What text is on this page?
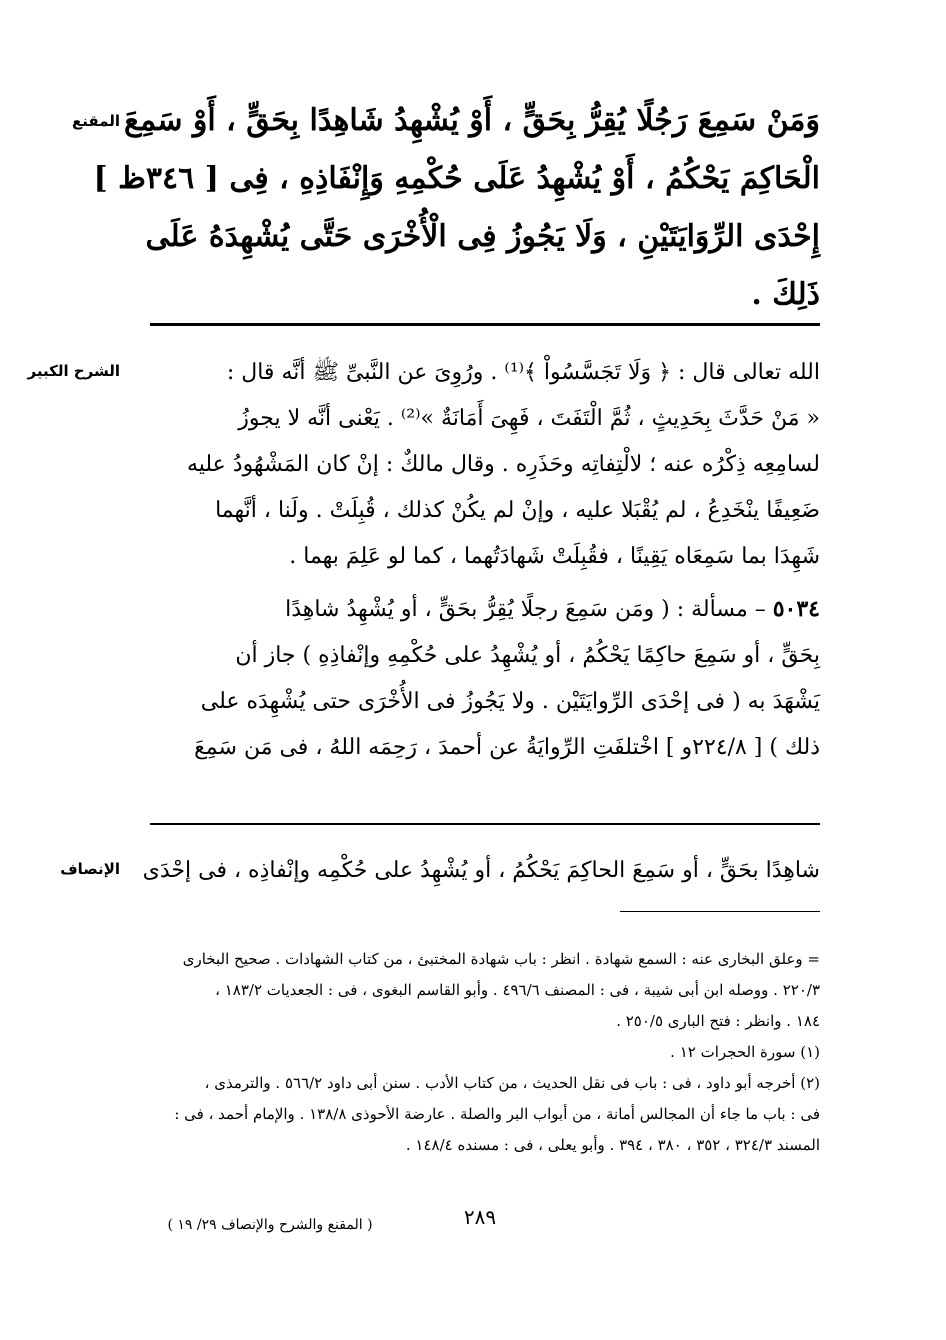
المقنع
الشرح الكبير
الإنصاف
وَمَنْ سَمِعَ رَجُلًا يُقِرُّ بِحَقٍّ ، أَوْ يُشْهِدُ شَاهِدًا بِحَقٍّ ، أَوْ سَمِعَ
الْحَاكِمَ يَحْكُمُ ، أَوْ يُشْهِدُ عَلَى حُكْمِهِ وَإِنْفَاذِهِ ، فِى [ ٣٤٦ظ ]
إِحْدَى الرِّوَايَتَيْنِ ، وَلَا يَجُوزُ فِى الْأُخْرَى حَتَّى يُشْهِدَهُ عَلَى
ذَلِكَ .
الله تعالى قال : ﴿ وَلَا تَجَسَّسُواْ ﴾⁽¹⁾ . ورُوِىَ عن النَّبىِّ ﷺ أنَّه قال :
« مَنْ حَدَّثَ بِحَدِيثٍ ، ثُمَّ الْتَفَتَ ، فَهِىَ أَمَانَةٌ »⁽²⁾ . يَعْنى أنَّه لا يجوزُ
لسامِعِه ذِكْرُه عنه ؛ لالْتِفاتِه وحَذَرِه . وقال مالكٌ : إنْ كان المَشْهُودُ عليه
ضَعِيفًا ينْخَدِعُ ، لم يُقْبَلا عليه ، وإنْ لم يكُنْ كذلك ، قُبِلَتْ . ولَنا ، أنَّهما
شَهِدَا بما سَمِعَاه يَقِينًا ، فقُبِلَتْ شَهادَتُهما ، كما لو عَلِمَ بهما .
٥٠٣٤ – مسألة : ( ومَن سَمِعَ رجلًا يُقِرُّ بحَقٍّ ، أو يُشْهِدُ شاهِدًا
بِحَقٍّ ، أو سَمِعَ حاكِمًا يَحْكُمُ ، أو يُشْهِدُ على حُكْمِهِ وإنْفاذِهِ ) جاز أن
يَشْهَدَ به ( فى إحْدَى الرِّوايَتَيْن . ولا يَجُوزُ فى الأُخْرَى حتى يُشْهِدَه على
ذلك ) [ ٢٢٤/٨و ] اخْتلفَتِ الرِّوايَةُ عن أحمدَ ، رَحِمَه اللهُ ، فى مَن سَمِعَ
شاهِدًا بحَقٍّ ، أو سَمِعَ الحاكِمَ يَحْكُمُ ، أو يُشْهِدُ على حُكْمِه وإنْفاذِه ، فى إحْدَى
= وعلق البخارى عنه : السمع شهادة . انظر : باب شهادة المختبئ ، من كتاب الشهادات . صحيح البخارى
٢٢٠/٣ . ووصله ابن أبى شيبة ، فى : المصنف ٤٩٦/٦ . وأبو القاسم البغوى ، فى : الجعديات ١٨٣/٢ ،
١٨٤ . وانظر : فتح البارى ٢٥٠/٥ .
(١) سورة الحجرات ١٢ .
(٢) أخرجه أبو داود ، فى : باب فى نقل الحديث ، من كتاب الأدب . سنن أبى داود ٥٦٦/٢ . والترمذى ،
فى : باب ما جاء أن المجالس أمانة ، من أبواب البر والصلة . عارضة الأحوذى ١٣٨/٨ . والإمام أحمد ، فى :
المسند ٣٢٤/٣ ، ٣٥٢ ، ٣٨٠ ، ٣٩٤ . وأبو يعلى ، فى : مسنده ١٤٨/٤ .
٢٨٩
( المقنع والشرح والإنصاف ٢٩/ ١٩ )
